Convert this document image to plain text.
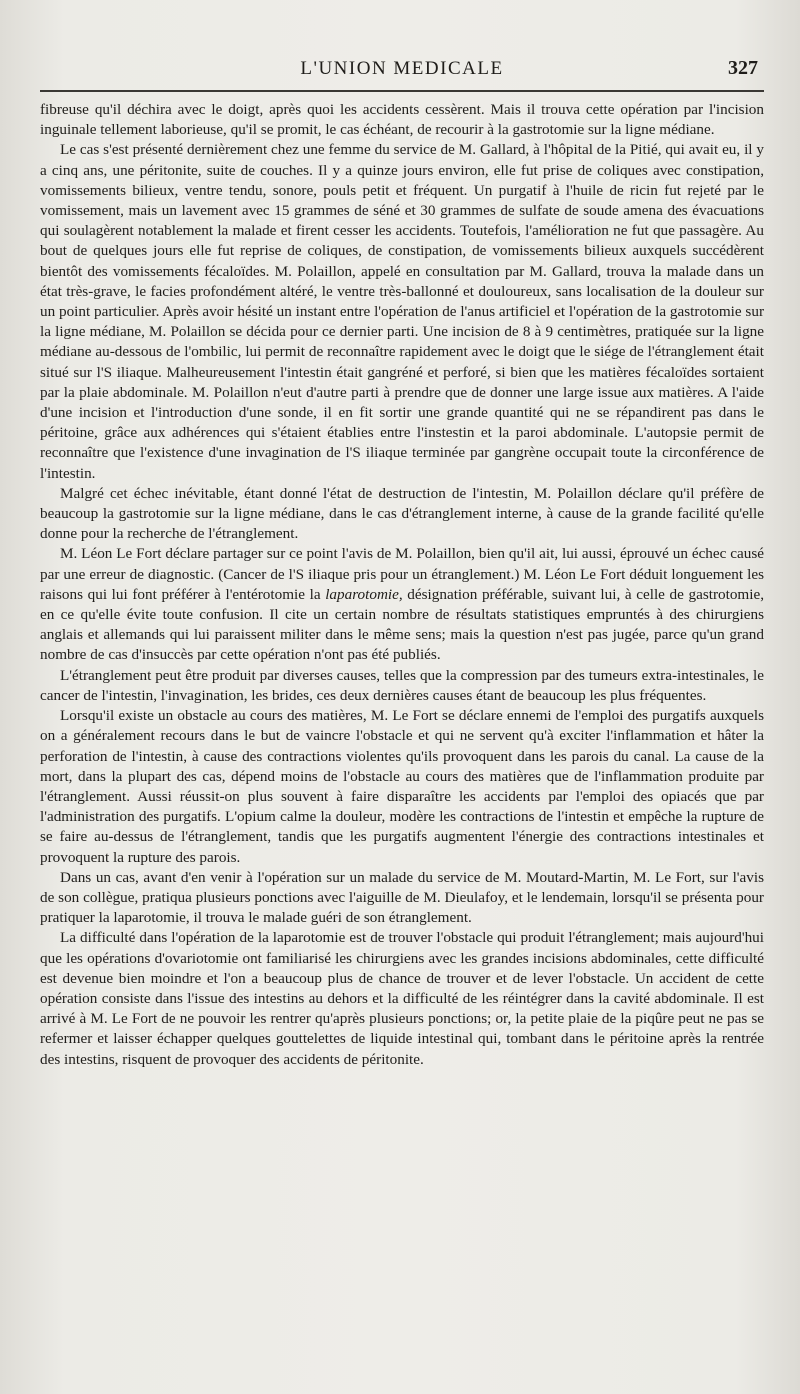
L'UNION MEDICALE	327

fibreuse qu'il déchira avec le doigt, après quoi les accidents cessèrent. Mais il trouva cette opération par l'incision inguinale tellement laborieuse, qu'il se promit, le cas échéant, de recourir à la gastrotomie sur la ligne médiane.

Le cas s'est présenté dernièrement chez une femme du service de M. Gallard, à l'hôpital de la Pitié, qui avait eu, il y a cinq ans, une péritonite, suite de couches. Il y a quinze jours environ, elle fut prise de coliques avec constipation, vomissements bilieux, ventre tendu, sonore, pouls petit et fréquent. Un purgatif à l'huile de ricin fut rejeté par le vomissement, mais un lavement avec 15 grammes de séné et 30 grammes de sulfate de soude amena des évacuations qui soulagèrent notablement la malade et firent cesser les accidents. Toutefois, l'amélioration ne fut que passagère. Au bout de quelques jours elle fut reprise de coliques, de constipation, de vomissements bilieux auxquels succédèrent bientôt des vomissements fécaloïdes. M. Polaillon, appelé en consultation par M. Gallard, trouva la malade dans un état très-grave, le facies profondément altéré, le ventre très-ballonné et douloureux, sans localisation de la douleur sur un point particulier. Après avoir hésité un instant entre l'opération de l'anus artificiel et l'opération de la gastrotomie sur la ligne médiane, M. Polaillon se décida pour ce dernier parti. Une incision de 8 à 9 centimètres, pratiquée sur la ligne médiane au-dessous de l'ombilic, lui permit de reconnaître rapidement avec le doigt que le siége de l'étranglement était situé sur l'S iliaque. Malheureusement l'intestin était gangréné et perforé, si bien que les matières fécaloïdes sortaient par la plaie abdominale. M. Polaillon n'eut d'autre parti à prendre que de donner une large issue aux matières. A l'aide d'une incision et l'introduction d'une sonde, il en fit sortir une grande quantité qui ne se répandirent pas dans le péritoine, grâce aux adhérences qui s'étaient établies entre l'instestin et la paroi abdominale. L'autopsie permit de reconnaître que l'existence d'une invagination de l'S iliaque terminée par gangrène occupait toute la circonférence de l'intestin.

Malgré cet échec inévitable, étant donné l'état de destruction de l'intestin, M. Polaillon déclare qu'il préfère de beaucoup la gastrotomie sur la ligne médiane, dans le cas d'étranglement interne, à cause de la grande facilité qu'elle donne pour la recherche de l'étranglement.

M. Léon Le Fort déclare partager sur ce point l'avis de M. Polaillon, bien qu'il ait, lui aussi, éprouvé un échec causé par une erreur de diagnostic. (Cancer de l'S iliaque pris pour un étranglement.) M. Léon Le Fort déduit longuement les raisons qui lui font préférer à l'entérotomie la laparotomie, désignation préférable, suivant lui, à celle de gastrotomie, en ce qu'elle évite toute confusion. Il cite un certain nombre de résultats statistiques empruntés à des chirurgiens anglais et allemands qui lui paraissent militer dans le même sens; mais la question n'est pas jugée, parce qu'un grand nombre de cas d'insuccès par cette opération n'ont pas été publiés.

L'étranglement peut être produit par diverses causes, telles que la compression par des tumeurs extra-intestinales, le cancer de l'intestin, l'invagination, les brides, ces deux dernières causes étant de beaucoup les plus fréquentes.

Lorsqu'il existe un obstacle au cours des matières, M. Le Fort se déclare ennemi de l'emploi des purgatifs auxquels on a généralement recours dans le but de vaincre l'obstacle et qui ne servent qu'à exciter l'inflammation et hâter la perforation de l'intestin, à cause des contractions violentes qu'ils provoquent dans les parois du canal. La cause de la mort, dans la plupart des cas, dépend moins de l'obstacle au cours des matières que de l'inflammation produite par l'étranglement. Aussi réussit-on plus souvent à faire disparaître les accidents par l'emploi des opiacés que par l'administration des purgatifs. L'opium calme la douleur, modère les contractions de l'intestin et empêche la rupture de se faire au-dessus de l'étranglement, tandis que les purgatifs augmentent l'énergie des contractions intestinales et provoquent la rupture des parois.

Dans un cas, avant d'en venir à l'opération sur un malade du service de M. Moutard-Martin, M. Le Fort, sur l'avis de son collègue, pratiqua plusieurs ponctions avec l'aiguille de M. Dieulafoy, et le lendemain, lorsqu'il se présenta pour pratiquer la laparotomie, il trouva le malade guéri de son étranglement.

La difficulté dans l'opération de la laparotomie est de trouver l'obstacle qui produit l'étranglement; mais aujourd'hui que les opérations d'ovariotomie ont familiarisé les chirurgiens avec les grandes incisions abdominales, cette difficulté est devenue bien moindre et l'on a beaucoup plus de chance de trouver et de lever l'obstacle. Un accident de cette opération consiste dans l'issue des intestins au dehors et la difficulté de les réintégrer dans la cavité abdominale. Il est arrivé à M. Le Fort de ne pouvoir les rentrer qu'après plusieurs ponctions; or, la petite plaie de la piqûre peut ne pas se refermer et laisser échapper quelques gouttelettes de liquide intestinal qui, tombant dans le péritoine après la rentrée des intestins, risquent de provoquer des accidents de péritonite.
